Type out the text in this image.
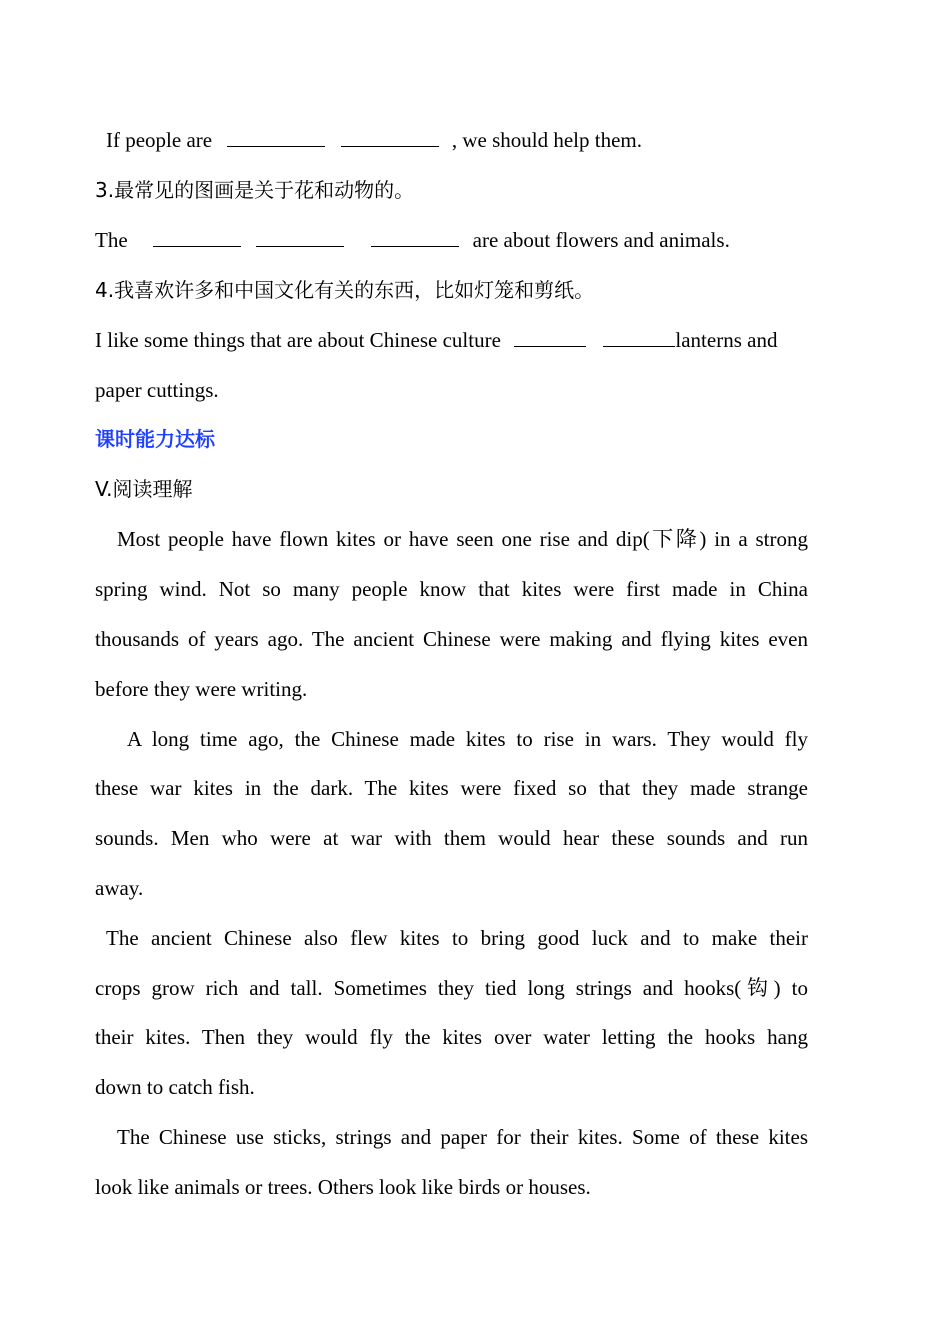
If people are	, we should help them.
3.最常见的图画是关于花和动物的。
The	are about flowers and animals.
4.我喜欢许多和中国文化有关的东西，比如灯笼和剪纸。
I like some things that are about Chinese culture	lanterns and
paper cuttings.
课时能力达标
V.阅读理解
Most people have flown kites or have seen one rise and dip(下降) in a strong
spring wind. Not so many people know that kites were first made in China
thousands of years ago. The ancient Chinese were making and flying kites even
before they were writing.
A long time ago, the Chinese made kites to rise in wars. They would fly
these war kites in the dark. The kites were fixed so that they made strange
sounds. Men who were at war with them would hear these sounds and run
away.
The ancient Chinese also flew kites to bring good luck and to make their
crops grow rich and tall. Sometimes they tied long strings and hooks(钩) to
their kites. Then they would fly the kites over water letting the hooks hang
down to catch fish.
The Chinese use sticks, strings and paper for their kites. Some of these kites
look like animals or trees. Others look like birds or houses.
